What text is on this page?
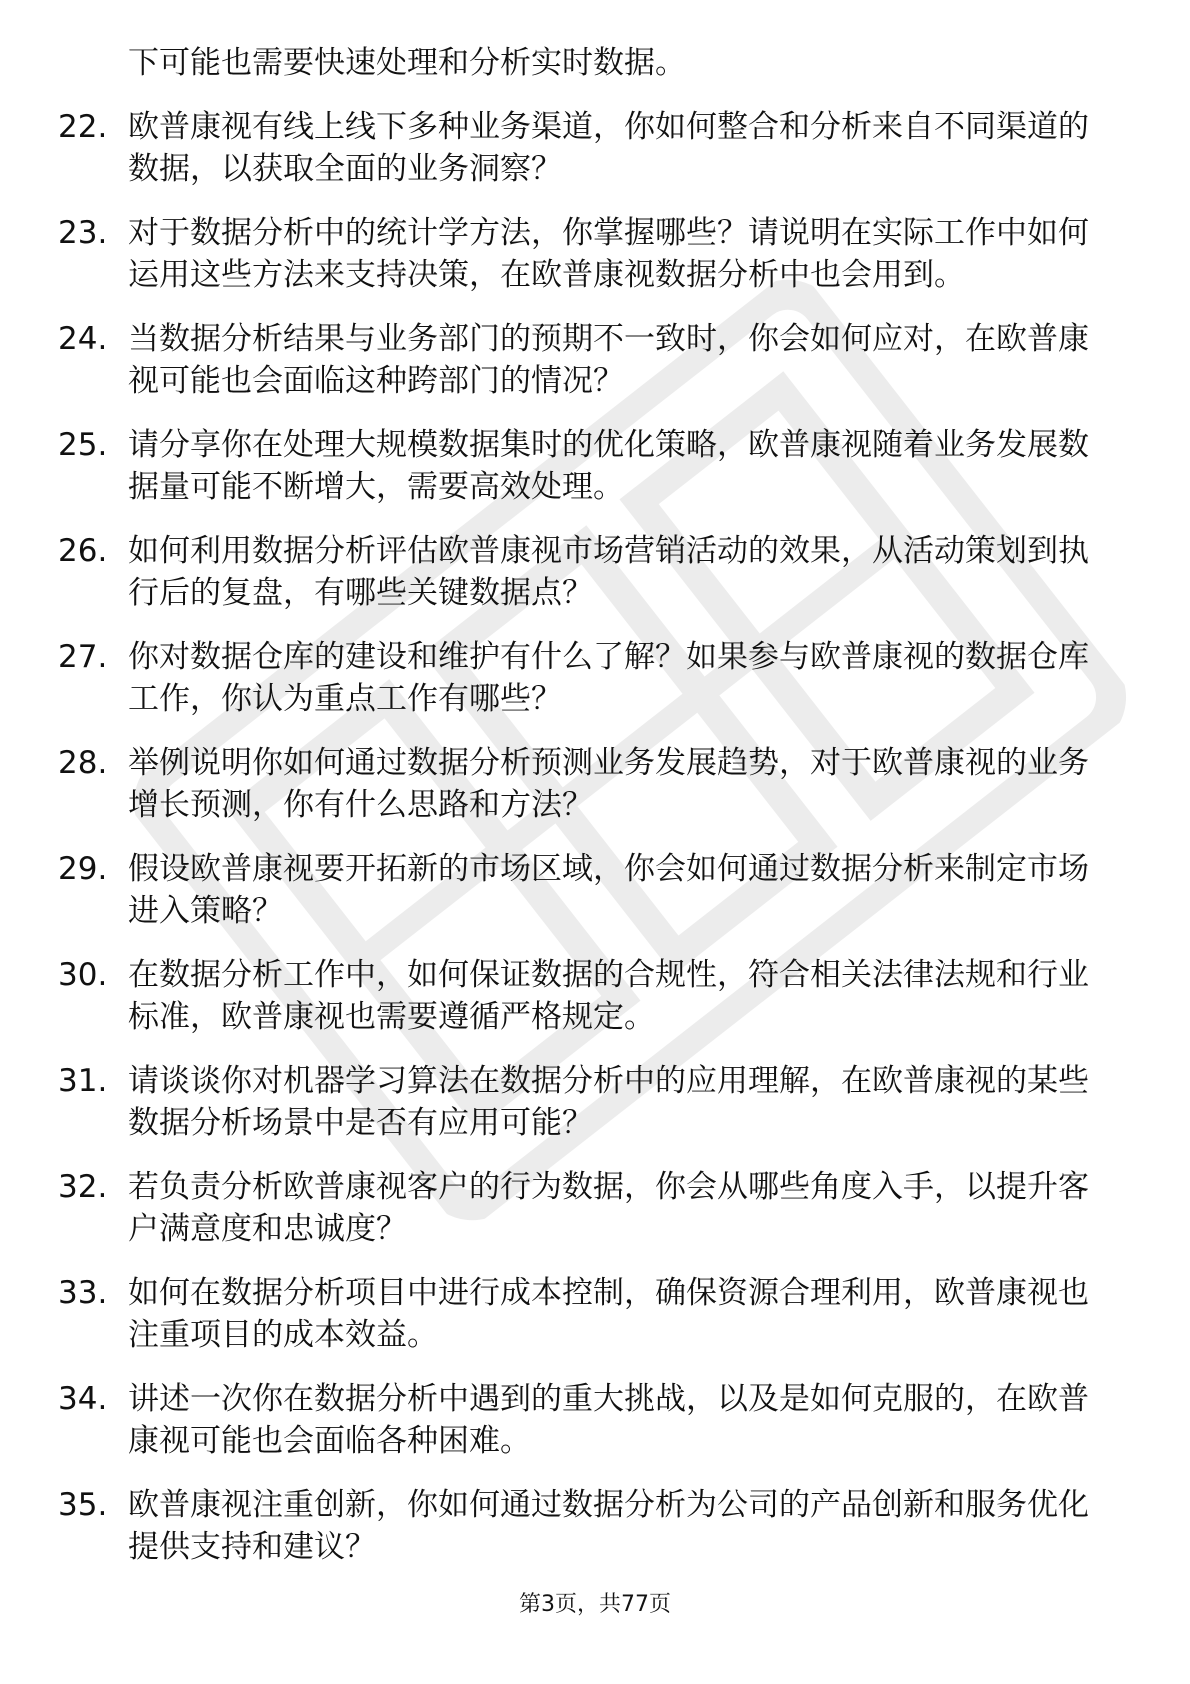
下可能也需要快速处理和分析实时数据。
22. 欧普康视有线上线下多种业务渠道，你如何整合和分析来自不同渠道的数据，以获取全面的业务洞察？
23. 对于数据分析中的统计学方法，你掌握哪些？请说明在实际工作中如何运用这些方法来支持决策，在欧普康视数据分析中也会用到。
24. 当数据分析结果与业务部门的预期不一致时，你会如何应对，在欧普康视可能也会面临这种跨部门的情况？
25. 请分享你在处理大规模数据集时的优化策略，欧普康视随着业务发展数据量可能不断增大，需要高效处理。
26. 如何利用数据分析评估欧普康视市场营销活动的效果，从活动策划到执行后的复盘，有哪些关键数据点？
27. 你对数据仓库的建设和维护有什么了解？如果参与欧普康视的数据仓库工作，你认为重点工作有哪些？
28. 举例说明你如何通过数据分析预测业务发展趋势，对于欧普康视的业务增长预测，你有什么思路和方法？
29. 假设欧普康视要开拓新的市场区域，你会如何通过数据分析来制定市场进入策略？
30. 在数据分析工作中，如何保证数据的合规性，符合相关法律法规和行业标准，欧普康视也需要遵循严格规定。
31. 请谈谈你对机器学习算法在数据分析中的应用理解，在欧普康视的某些数据分析场景中是否有应用可能？
32. 若负责分析欧普康视客户的行为数据，你会从哪些角度入手，以提升客户满意度和忠诚度？
33. 如何在数据分析项目中进行成本控制，确保资源合理利用，欧普康视也注重项目的成本效益。
34. 讲述一次你在数据分析中遇到的重大挑战，以及是如何克服的，在欧普康视可能也会面临各种困难。
35. 欧普康视注重创新，你如何通过数据分析为公司的产品创新和服务优化提供支持和建议？
第3页，共77页
